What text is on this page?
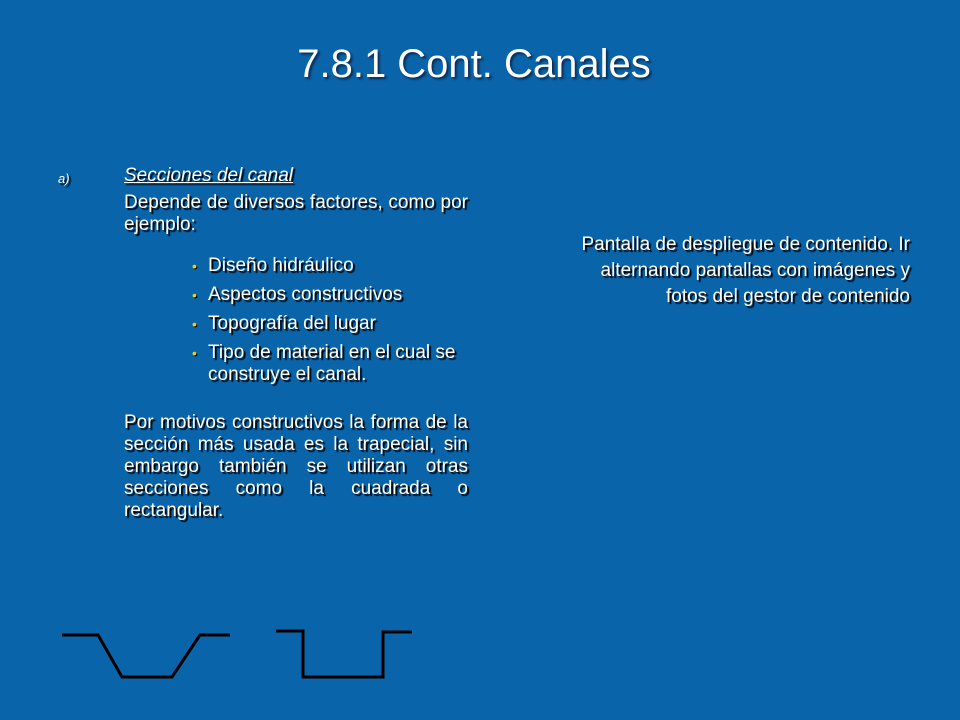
7.8.1 Cont. Canales
a)	Secciones del canal

Depende de diversos factores, como por ejemplo:

• Diseño hidráulico
• Aspectos constructivos
• Topografía del lugar
• Tipo de material en el cual se construye el canal.

Por motivos constructivos la forma de la sección más usada es la trapecial, sin embargo también se utilizan otras secciones como la cuadrada o rectangular.

Pantalla de despliegue de contenido. Ir alternando pantallas con imágenes y fotos del gestor de contenido
